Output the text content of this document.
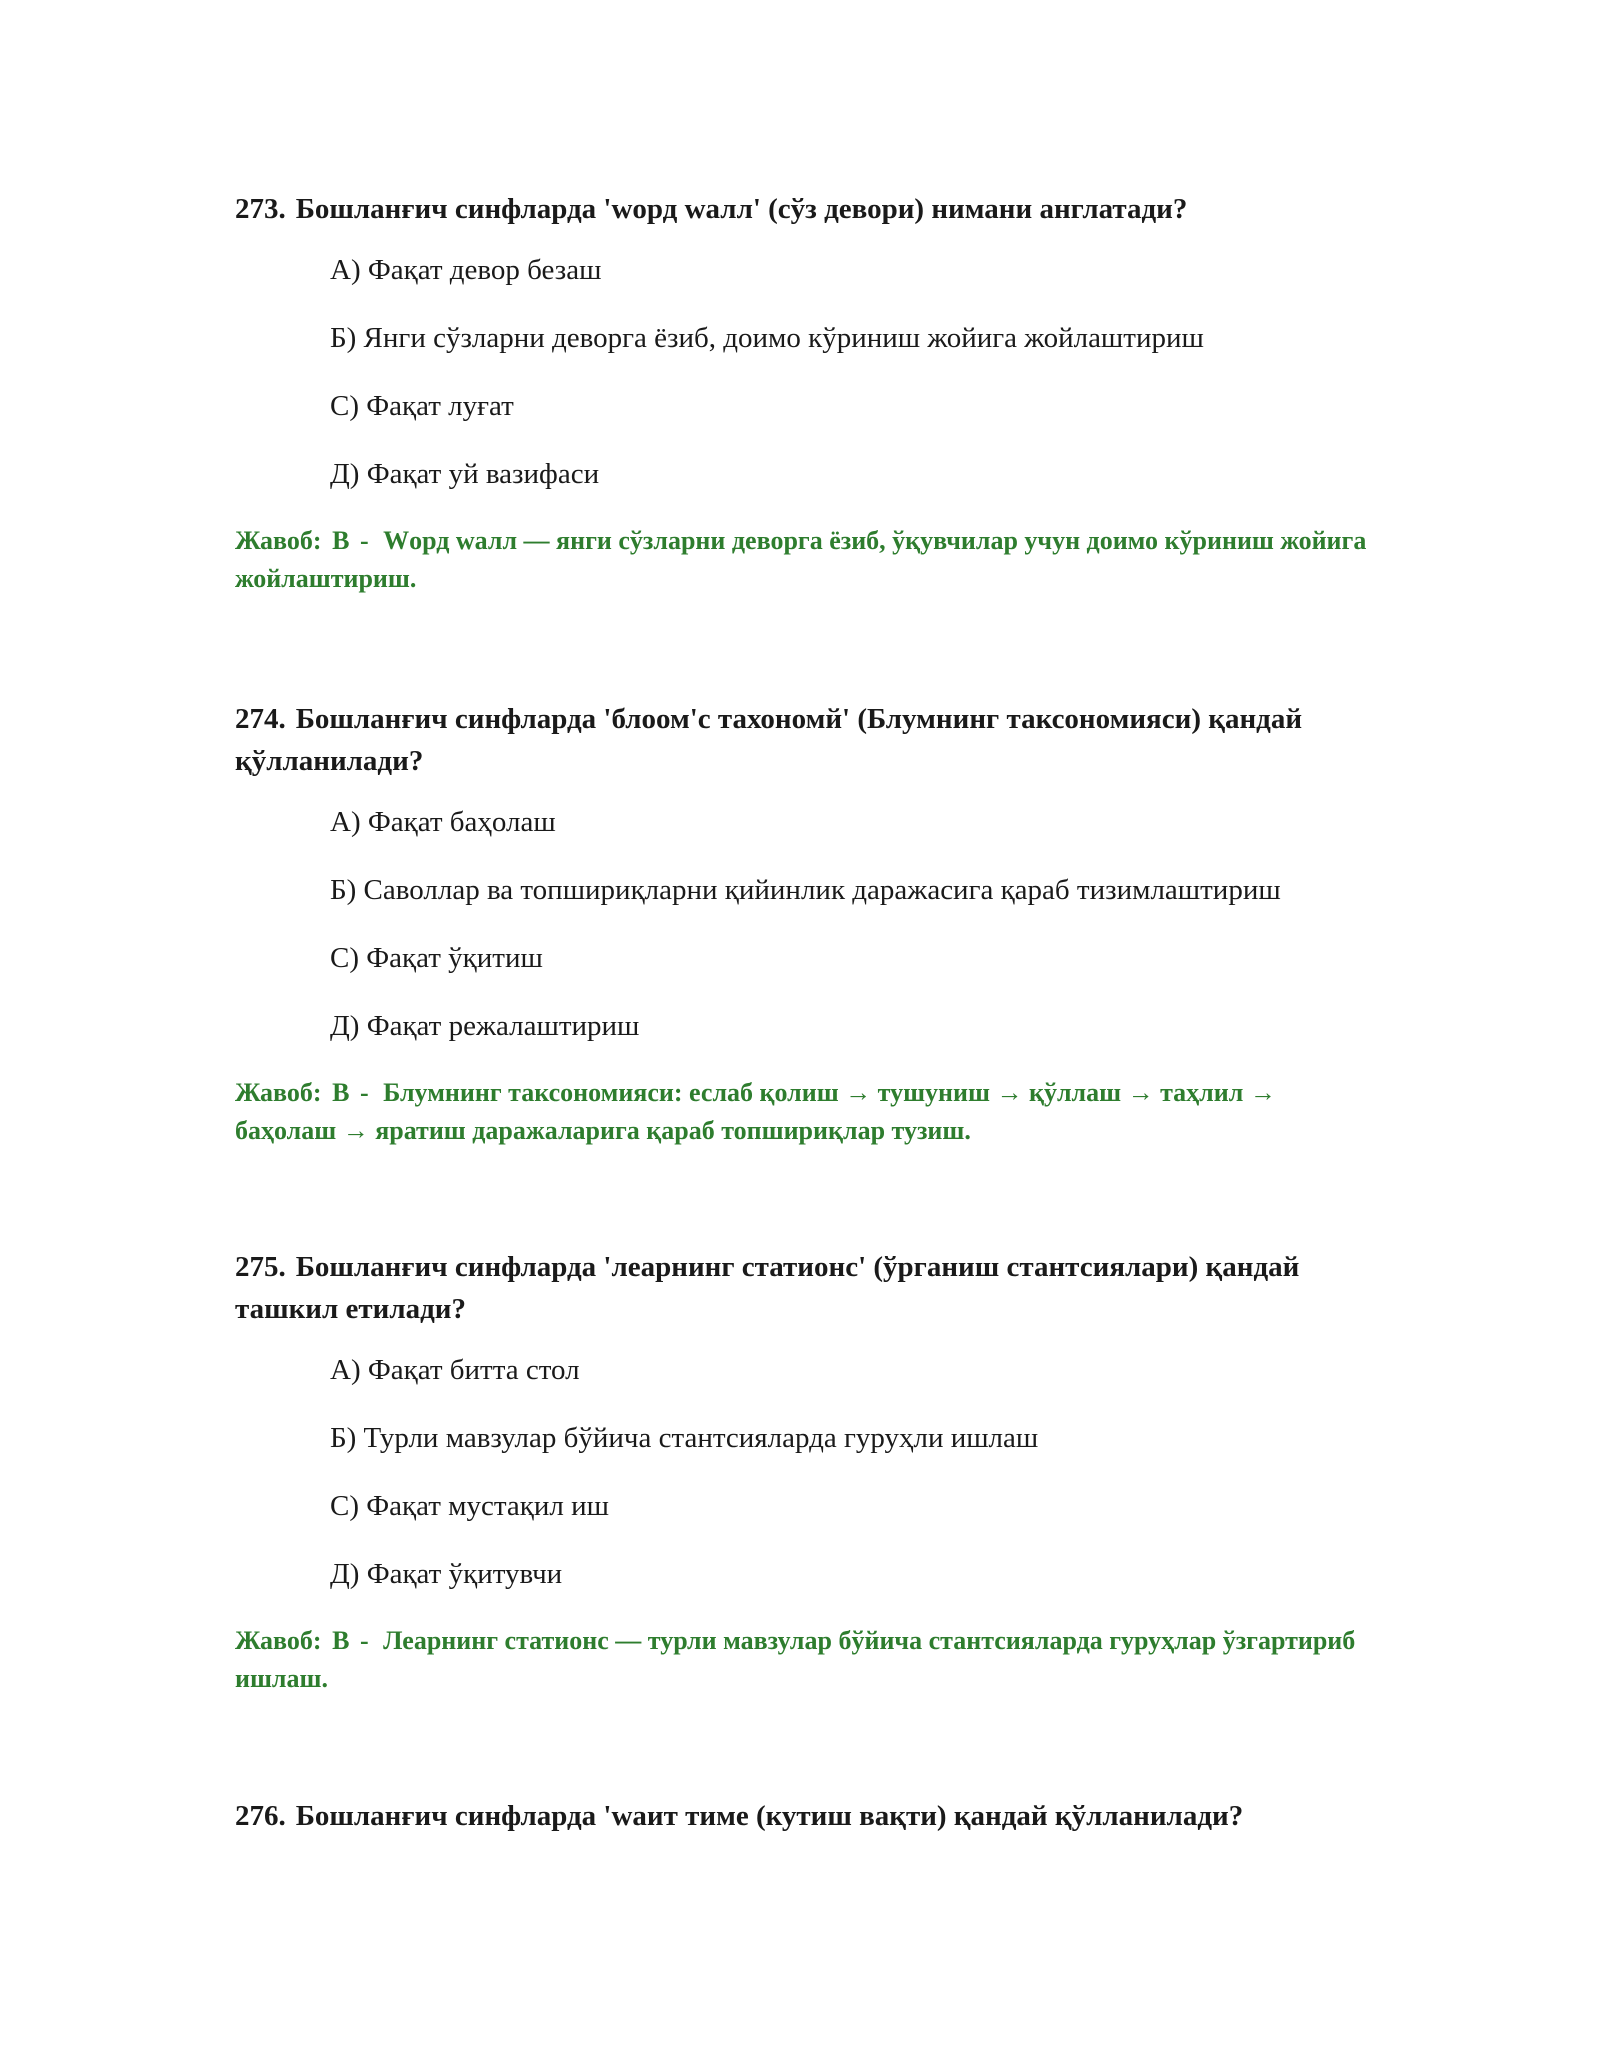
273. Бошланғич синфларда 'wорд wалл' (сўз девори) нимани англатади?

А) Фақат девор безаш
Б) Янги сўзларни деворга ёзиб, доимо кўриниш жойига жойлаштириш
С) Фақат луғат
Д) Фақат уй вазифаси

Жавоб: В - Wорд wалл — янги сўзларни деворга ёзиб, ўқувчилар учун доимо кўриниш жойига жойлаштириш.

274. Бошланғич синфларда 'блоом'с тахономй' (Блумнинг таксономияси) қандай қўлланилади?

А) Фақат баҳолаш
Б) Саволлар ва топшириқларни қийинлик даражасига қараб тизимлаштириш
С) Фақат ўқитиш
Д) Фақат режалаштириш

Жавоб: В - Блумнинг таксономияси: еслаб қолиш → тушуниш → қўллаш → таҳлил → баҳолаш → яратиш даражаларига қараб топшириқлар тузиш.

275. Бошланғич синфларда 'леарнинг статионс' (ўрганиш стантсиялари) қандай ташкил етилади?

А) Фақат битта стол
Б) Турли мавзулар бўйича стантсияларда гуруҳли ишлаш
С) Фақат мустақил иш
Д) Фақат ўқитувчи

Жавоб: В - Леарнинг статионс — турли мавзулар бўйича стантсияларда гуруҳлар ўзгартириб ишлаш.

276. Бошланғич синфларда 'wаит тиме (кутиш вақти) қандай қўлланилади?
